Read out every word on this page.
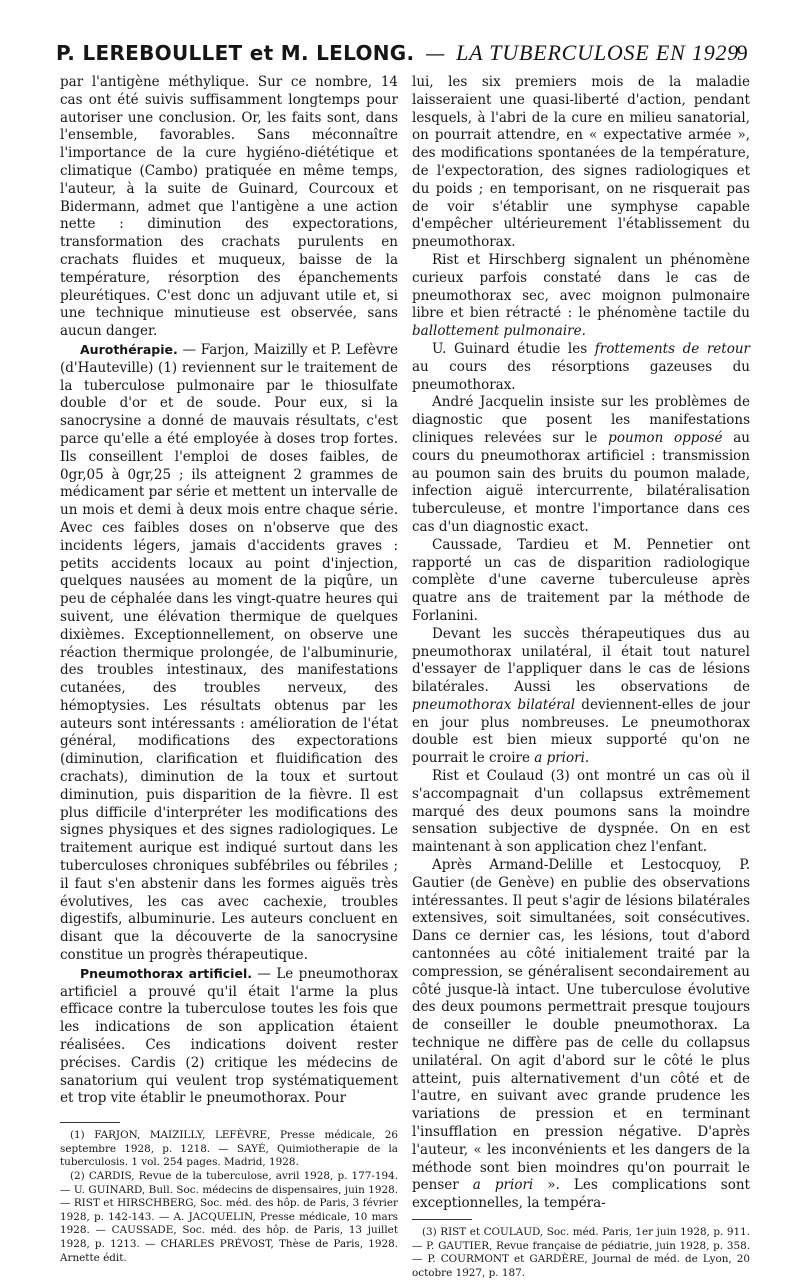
P. LEREBOULLET et M. LELONG. — LA TUBERCULOSE EN 1929
9

par l'antigène méthylique. Sur ce nombre, 14 cas ont été suivis suffisamment longtemps pour autoriser une conclusion. Or, les faits sont, dans l'ensemble, favorables. Sans méconnaître l'importance de la cure hygiéno-diététique et climatique (Cambo) pratiquée en même temps, l'auteur, à la suite de Guinard, Courcoux et Bidermann, admet que l'antigène a une action nette : diminution des expectorations, transformation des crachats purulents en crachats fluides et muqueux, baisse de la température, résorption des épanchements pleurétiques. C'est donc un adjuvant utile et, si une technique minutieuse est observée, sans aucun danger.

Aurothérapie. — Farjon, Maizilly et P. Lefèvre (d'Hauteville) (1) reviennent sur le traitement de la tuberculose pulmonaire par le thiosulfate double d'or et de soude. Pour eux, si la sanocrysine a donné de mauvais résultats, c'est parce qu'elle a été employée à doses trop fortes. Ils conseillent l'emploi de doses faibles, de 0gr,05 à 0gr,25 ; ils atteignent 2 grammes de médicament par série et mettent un intervalle de un mois et demi à deux mois entre chaque série. Avec ces faibles doses on n'observe que des incidents légers, jamais d'accidents graves : petits accidents locaux au point d'injection, quelques nausées au moment de la piqûre, un peu de céphalée dans les vingt-quatre heures qui suivent, une élévation thermique de quelques dixièmes. Exceptionnellement, on observe une réaction thermique prolongée, de l'albuminurie, des troubles intestinaux, des manifestations cutanées, des troubles nerveux, des hémoptysies. Les résultats obtenus par les auteurs sont intéressants : amélioration de l'état général, modifications des expectorations (diminution, clarification et fluidification des crachats), diminution de la toux et surtout diminution, puis disparition de la fièvre. Il est plus difficile d'interpréter les modifications des signes physiques et des signes radiologiques. Le traitement aurique est indiqué surtout dans les tuberculoses chroniques subfébriles ou fébriles ; il faut s'en abstenir dans les formes aiguës très évolutives, les cas avec cachexie, troubles digestifs, albuminurie. Les auteurs concluent en disant que la découverte de la sanocrysine constitue un progrès thérapeutique.

Pneumothorax artificiel. — Le pneumothorax artificiel a prouvé qu'il était l'arme la plus efficace contre la tuberculose toutes les fois que les indications de son application étaient réalisées. Ces indications doivent rester précises. Cardis (2) critique les médecins de sanatorium qui veulent trop systématiquement et trop vite établir le pneumothorax. Pour

(1) FARJON, MAIZILLY, LEFÈVRE, Presse médicale, 26 septembre 1928, p. 1218. — SAYÉ, Quimiotherapie de la tuberculosis. 1 vol. 254 pages. Madrid, 1928.

(2) CARDIS, Revue de la tuberculose, avril 1928, p. 177-194. — U. GUINARD, Bull. Soc. médecins de dispensaires, juin 1928. — RIST et HIRSCHBERG, Soc. méd. des hôp. de Paris, 3 février 1928, p. 142-143. — A. JACQUELIN, Presse médicale, 10 mars 1928. — CAUSSADE, Soc. méd. des hôp. de Paris, 13 juillet 1928, p. 1213. — CHARLES PRÉVOST, Thèse de Paris, 1928. Arnette édit.

lui, les six premiers mois de la maladie laisseraient une quasi-liberté d'action, pendant lesquels, à l'abri de la cure en milieu sanatorial, on pourrait attendre, en « expectative armée », des modifications spontanées de la température, de l'expectoration, des signes radiologiques et du poids ; en temporisant, on ne risquerait pas de voir s'établir une symphyse capable d'empêcher ultérieurement l'établissement du pneumothorax.

Rist et Hirschberg signalent un phénomène curieux parfois constaté dans le cas de pneumothorax sec, avec moignon pulmonaire libre et bien rétracté : le phénomène tactile du ballottement pulmonaire.

U. Guinard étudie les frottements de retour au cours des résorptions gazeuses du pneumothorax.

André Jacquelin insiste sur les problèmes de diagnostic que posent les manifestations cliniques relevées sur le poumon opposé au cours du pneumothorax artificiel : transmission au poumon sain des bruits du poumon malade, infection aiguë intercurrente, bilatéralisation tuberculeuse, et montre l'importance dans ces cas d'un diagnostic exact.

Caussade, Tardieu et M. Pennetier ont rapporté un cas de disparition radiologique complète d'une caverne tuberculeuse après quatre ans de traitement par la méthode de Forlanini.

Devant les succès thérapeutiques dus au pneumothorax unilatéral, il était tout naturel d'essayer de l'appliquer dans le cas de lésions bilatérales. Aussi les observations de pneumothorax bilatéral deviennent-elles de jour en jour plus nombreuses. Le pneumothorax double est bien mieux supporté qu'on ne pourrait le croire a priori.

Rist et Coulaud (3) ont montré un cas où il s'accompagnait d'un collapsus extrêmement marqué des deux poumons sans la moindre sensation subjective de dyspnée. On en est maintenant à son application chez l'enfant.

Après Armand-Delille et Lestocquoy, P. Gautier (de Genève) en publie des observations intéressantes. Il peut s'agir de lésions bilatérales extensives, soit simultanées, soit consécutives. Dans ce dernier cas, les lésions, tout d'abord cantonnées au côté initialement traité par la compression, se généralisent secondairement au côté jusque-là intact. Une tuberculose évolutive des deux poumons permettrait presque toujours de conseiller le double pneumothorax. La technique ne diffère pas de celle du collapsus unilatéral. On agit d'abord sur le côté le plus atteint, puis alternativement d'un côté et de l'autre, en suivant avec grande prudence les variations de pression et en terminant l'insufflation en pression négative. D'après l'auteur, « les inconvénients et les dangers de la méthode sont bien moindres qu'on pourrait le penser a priori ». Les complications sont exceptionnelles, la tempéra-

(3) RIST et COULAUD, Soc. méd. Paris, 1er juin 1928, p. 911. — P. GAUTIER, Revue française de pédiatrie, juin 1928, p. 358. — P. COURMONT et GARDÈRE, Journal de méd. de Lyon, 20 octobre 1927, p. 187.
